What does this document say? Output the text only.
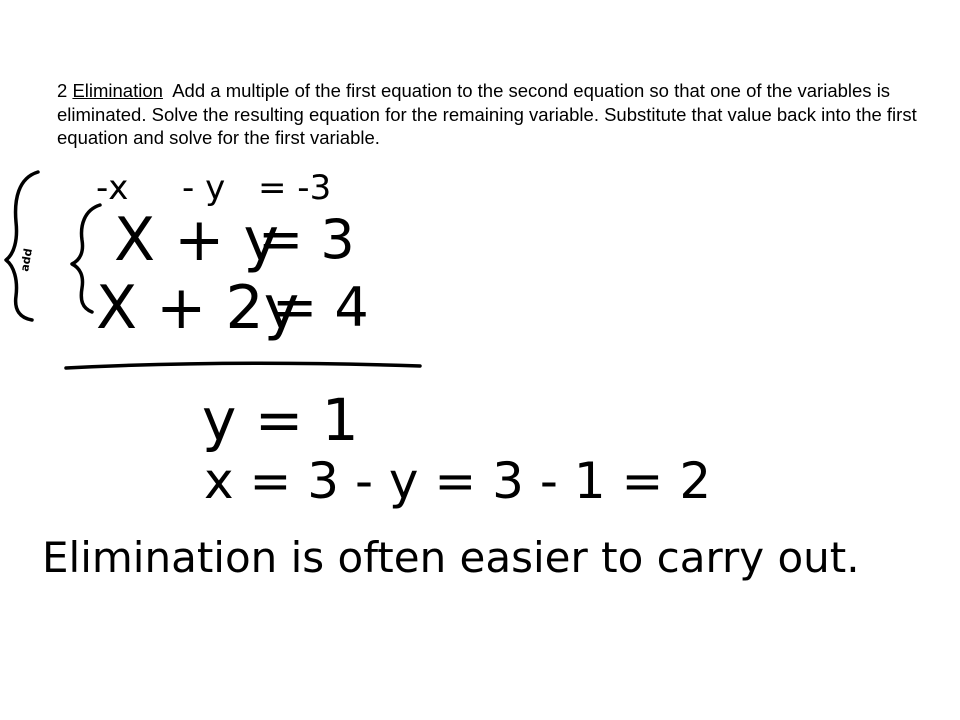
2 Elimination Add a multiple of the first equation to the second equation so that one of the variables is eliminated. Solve the resulting equation for the remaining variable. Substitute that value back into the first equation and solve for the first variable.

-x - y = -3
add X + y
= 3
X + 2y
= 4
y = 1
x = 3 - y = 3 - 1 = 2
Elimination is often easier to carry out.
